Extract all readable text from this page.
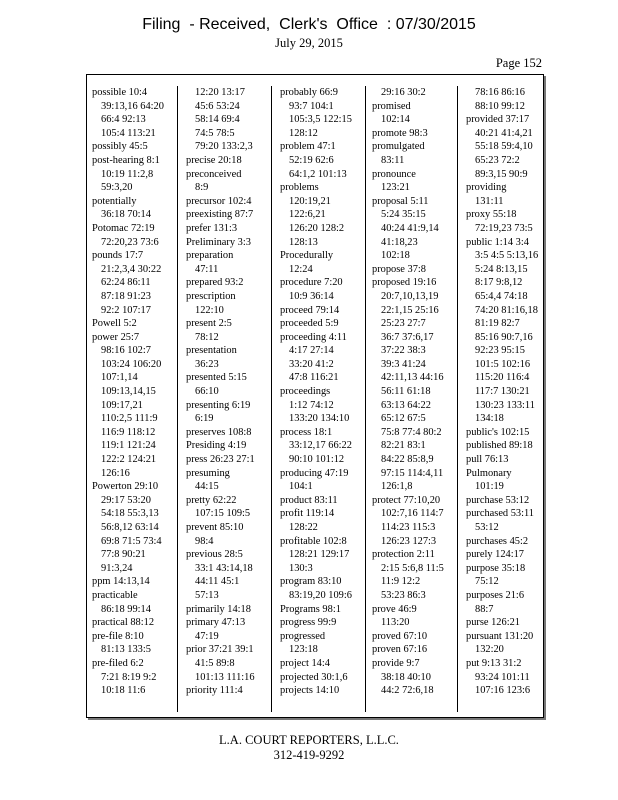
Filing  - Received,  Clerk's  Office  : 07/30/2015
July 29, 2015
Page 152
possible 10:4
39:13,16 64:20
66:4 92:13
105:4 113:21
possibly 45:5
post-hearing 8:1
10:19 11:2,8
59:3,20
potentially
36:18 70:14
Potomac 72:19
72:20,23 73:6
pounds 17:7
21:2,3,4 30:22
62:24 86:11
87:18 91:23
92:2 107:17
Powell 5:2
power 25:7
98:16 102:7
103:24 106:20
107:1,14
109:13,14,15
109:17,21
110:2,5 111:9
116:9 118:12
119:1 121:24
122:2 124:21
126:16
Powerton 29:10
29:17 53:20
54:18 55:3,13
56:8,12 63:14
69:8 71:5 73:4
77:8 90:21
91:3,24
ppm 14:13,14
practicable
86:18 99:14
practical 88:12
pre-file 8:10
81:13 133:5
pre-filed 6:2
7:21 8:19 9:2
10:18 11:6
12:20 13:17
45:6 53:24
58:14 69:4
74:5 78:5
79:20 133:2,3
precise 20:18
preconceived
8:9
precursor 102:4
preexisting 87:7
prefer 131:3
Preliminary 3:3
preparation
47:11
prepared 93:2
prescription
122:10
present 2:5
78:12
presentation
36:23
presented 5:15
66:10
presenting 6:19
6:19
preserves 108:8
Presiding 4:19
press 26:23 27:1
presuming
44:15
pretty 62:22
107:15 109:5
prevent 85:10
98:4
previous 28:5
33:1 43:14,18
44:11 45:1
57:13
primarily 14:18
primary 47:13
47:19
prior 37:21 39:1
41:5 89:8
101:13 111:16
priority 111:4
probably 66:9
93:7 104:1
105:3,5 122:15
128:12
problem 47:1
52:19 62:6
64:1,2 101:13
problems
120:19,21
122:6,21
126:20 128:2
128:13
Procedurally
12:24
procedure 7:20
10:9 36:14
proceed 79:14
proceeded 5:9
proceeding 4:11
4:17 27:14
33:20 41:2
47:8 116:21
proceedings
1:12 74:12
133:20 134:10
process 18:1
33:12,17 66:22
90:10 101:12
producing 47:19
104:1
product 83:11
profit 119:14
128:22
profitable 102:8
128:21 129:17
130:3
program 83:10
83:19,20 109:6
Programs 98:1
progress 99:9
progressed
123:18
project 14:4
projected 30:1,6
projects 14:10
29:16 30:2
promised
102:14
promote 98:3
promulgated
83:11
pronounce
123:21
proposal 5:11
5:24 35:15
40:24 41:9,14
41:18,23
102:18
propose 37:8
proposed 19:16
20:7,10,13,19
22:1,15 25:16
25:23 27:7
36:7 37:6,17
37:22 38:3
39:3 41:24
42:11,13 44:16
56:11 61:18
63:13 64:22
65:12 67:5
75:8 77:4 80:2
82:21 83:1
84:22 85:8,9
97:15 114:4,11
126:1,8
protect 77:10,20
102:7,16 114:7
114:23 115:3
126:23 127:3
protection 2:11
2:15 5:6,8 11:5
11:9 12:2
53:23 86:3
prove 46:9
113:20
proved 67:10
proven 67:16
provide 9:7
38:18 40:10
44:2 72:6,18
78:16 86:16
88:10 99:12
provided 37:17
40:21 41:4,21
55:18 59:4,10
65:23 72:2
89:3,15 90:9
providing
131:11
proxy 55:18
72:19,23 73:5
public 1:14 3:4
3:5 4:5 5:13,16
5:24 8:13,15
8:17 9:8,12
65:4,4 74:18
74:20 81:16,18
81:19 82:7
85:16 90:7,16
92:23 95:15
101:5 102:16
115:20 116:4
117:7 130:21
130:23 133:11
134:18
public's 102:15
published 89:18
pull 76:13
Pulmonary
101:19
purchase 53:12
purchased 53:11
53:12
purchases 45:2
purely 124:17
purpose 35:18
75:12
purposes 21:6
88:7
purse 126:21
pursuant 131:20
132:20
put 9:13 31:2
93:24 101:11
107:16 123:6
L.A. COURT REPORTERS, L.L.C.
312-419-9292
